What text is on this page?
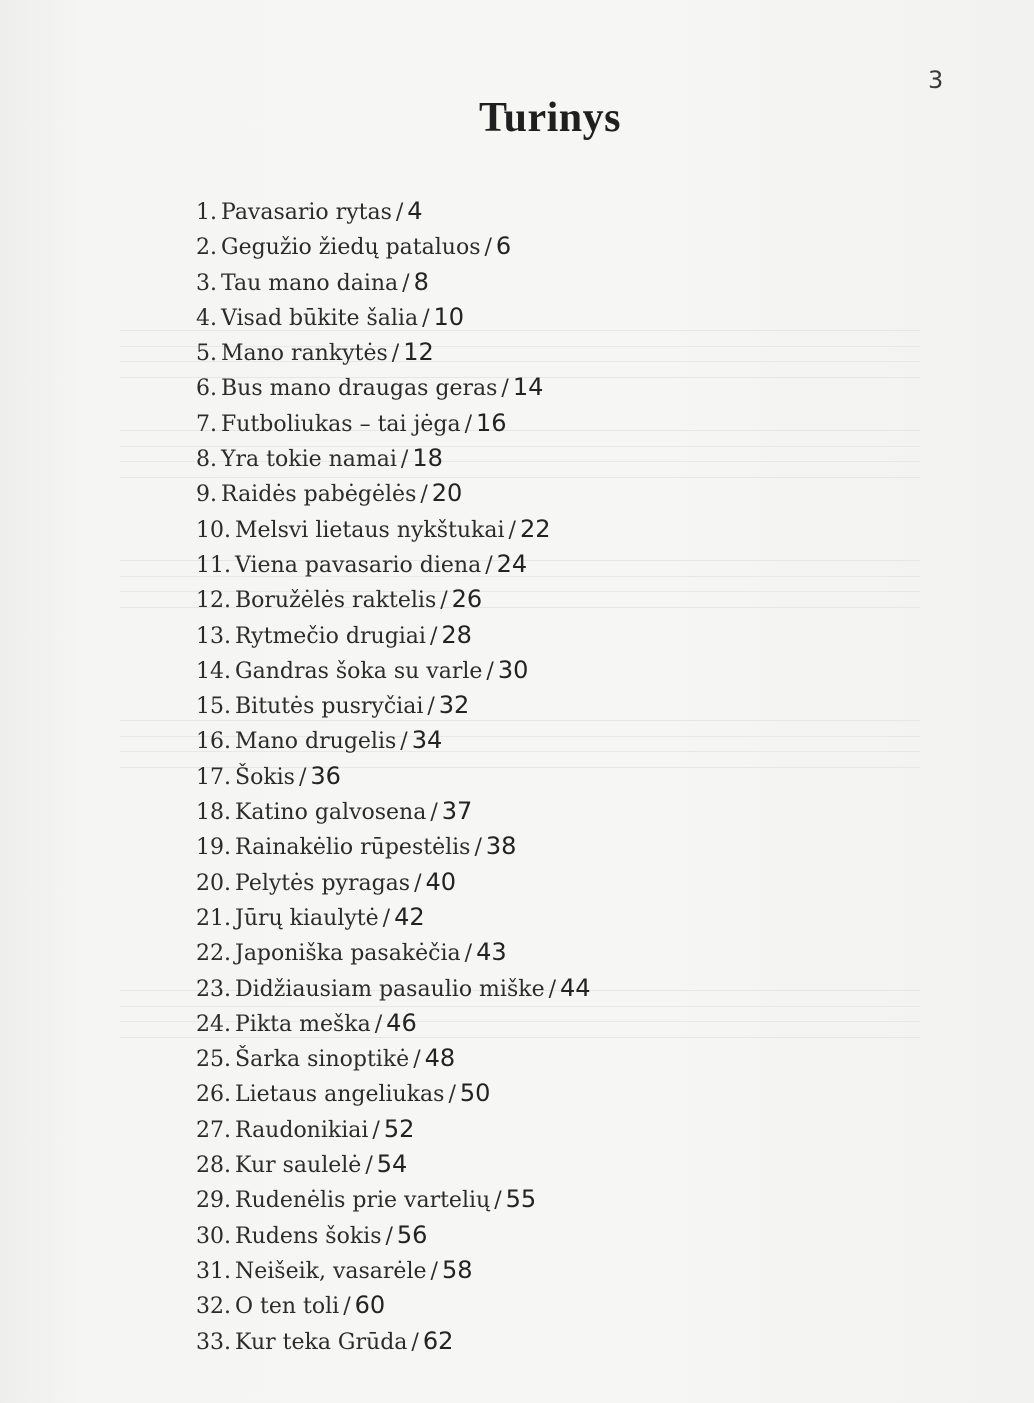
3
Turinys
1. Pavasario rytas / 4
2. Gegužio žiedų pataluos / 6
3. Tau mano daina / 8
4. Visad būkite šalia / 10
5. Mano rankytės / 12
6. Bus mano draugas geras / 14
7. Futboliukas – tai jėga / 16
8. Yra tokie namai / 18
9. Raidės pabėgėlės / 20
10. Melsvi lietaus nykštukai / 22
11. Viena pavasario diena / 24
12. Boružėlės raktelis / 26
13. Rytmečio drugiai / 28
14. Gandras šoka su varle / 30
15. Bitutės pusryčiai / 32
16. Mano drugelis / 34
17. Šokis / 36
18. Katino galvosena / 37
19. Rainakėlio rūpestėlis / 38
20. Pelytės pyragas / 40
21. Jūrų kiaulytė / 42
22. Japoniška pasakėčia / 43
23. Didžiausiam pasaulio miške / 44
24. Pikta meška / 46
25. Šarka sinoptikė / 48
26. Lietaus angeliukas / 50
27. Raudonikiai / 52
28. Kur saulelė / 54
29. Rudenėlis prie vartelių / 55
30. Rudens šokis / 56
31. Neišeik, vasarėle / 58
32. O ten toli / 60
33. Kur teka Grūda / 62
